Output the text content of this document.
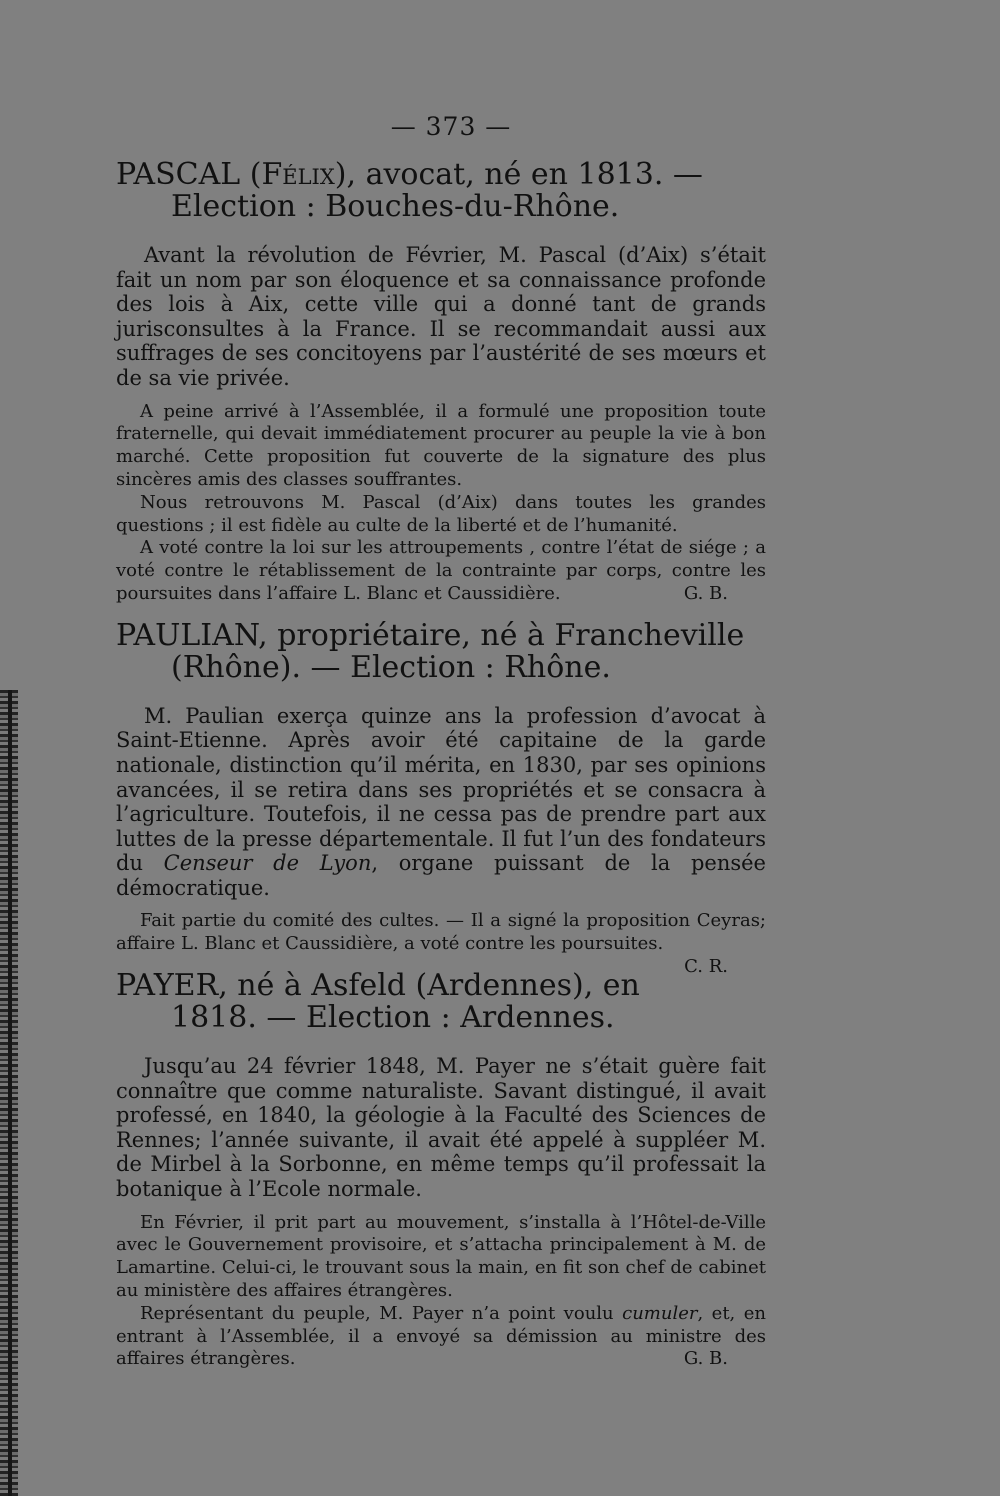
— 373 —
PASCAL (Félix), avocat, né en 1813. — Election : Bouches-du-Rhône.

Avant la révolution de Février, M. Pascal (d’Aix) s’était fait un nom par son éloquence et sa connaissance profonde des lois à Aix, cette ville qui a donné tant de grands jurisconsultes à la France. Il se recommandait aussi aux suffrages de ses concitoyens par l’austérité de ses mœurs et de sa vie privée.

A peine arrivé à l’Assemblée, il a formulé une proposition toute fraternelle, qui devait immédiatement procurer au peuple la vie à bon marché. Cette proposition fut couverte de la signature des plus sincères amis des classes souffrantes.

Nous retrouvons M. Pascal (d’Aix) dans toutes les grandes questions ; il est fidèle au culte de la liberté et de l’humanité.

A voté contre la loi sur les attroupements , contre l’état de siége ; a voté contre le rétablissement de la contrainte par corps, contre les poursuites dans l’affaire L. Blanc et Caussidière.	G. B.

PAULIAN, propriétaire, né à Francheville (Rhône). — Election : Rhône.

M. Paulian exerça quinze ans la profession d’avocat à Saint-Etienne. Après avoir été capitaine de la garde nationale, distinction qu’il mérita, en 1830, par ses opinions avancées, il se retira dans ses propriétés et se consacra à l’agriculture. Toutefois, il ne cessa pas de prendre part aux luttes de la presse départementale. Il fut l’un des fondateurs du Censeur de Lyon, organe puissant de la pensée démocratique.

Fait partie du comité des cultes. — Il a signé la proposition Ceyras; affaire L. Blanc et Caussidière, a voté contre les poursuites.
C. R.

PAYER, né à Asfeld (Ardennes), en 1818. — Election : Ardennes.

Jusqu’au 24 février 1848, M. Payer ne s’était guère fait connaître que comme naturaliste. Savant distingué, il avait professé, en 1840, la géologie à la Faculté des Sciences de Rennes; l’année suivante, il avait été appelé à suppléer M. de Mirbel à la Sorbonne, en même temps qu’il professait la botanique à l’Ecole normale.

En Février, il prit part au mouvement, s’installa à l’Hôtel-de-Ville avec le Gouvernement provisoire, et s’attacha principalement à M. de Lamartine. Celui-ci, le trouvant sous la main, en fit son chef de cabinet au ministère des affaires étrangères.

Représentant du peuple, M. Payer n’a point voulu cumuler, et, en entrant à l’Assemblée, il a envoyé sa démission au ministre des affaires étrangères.	G. B.
